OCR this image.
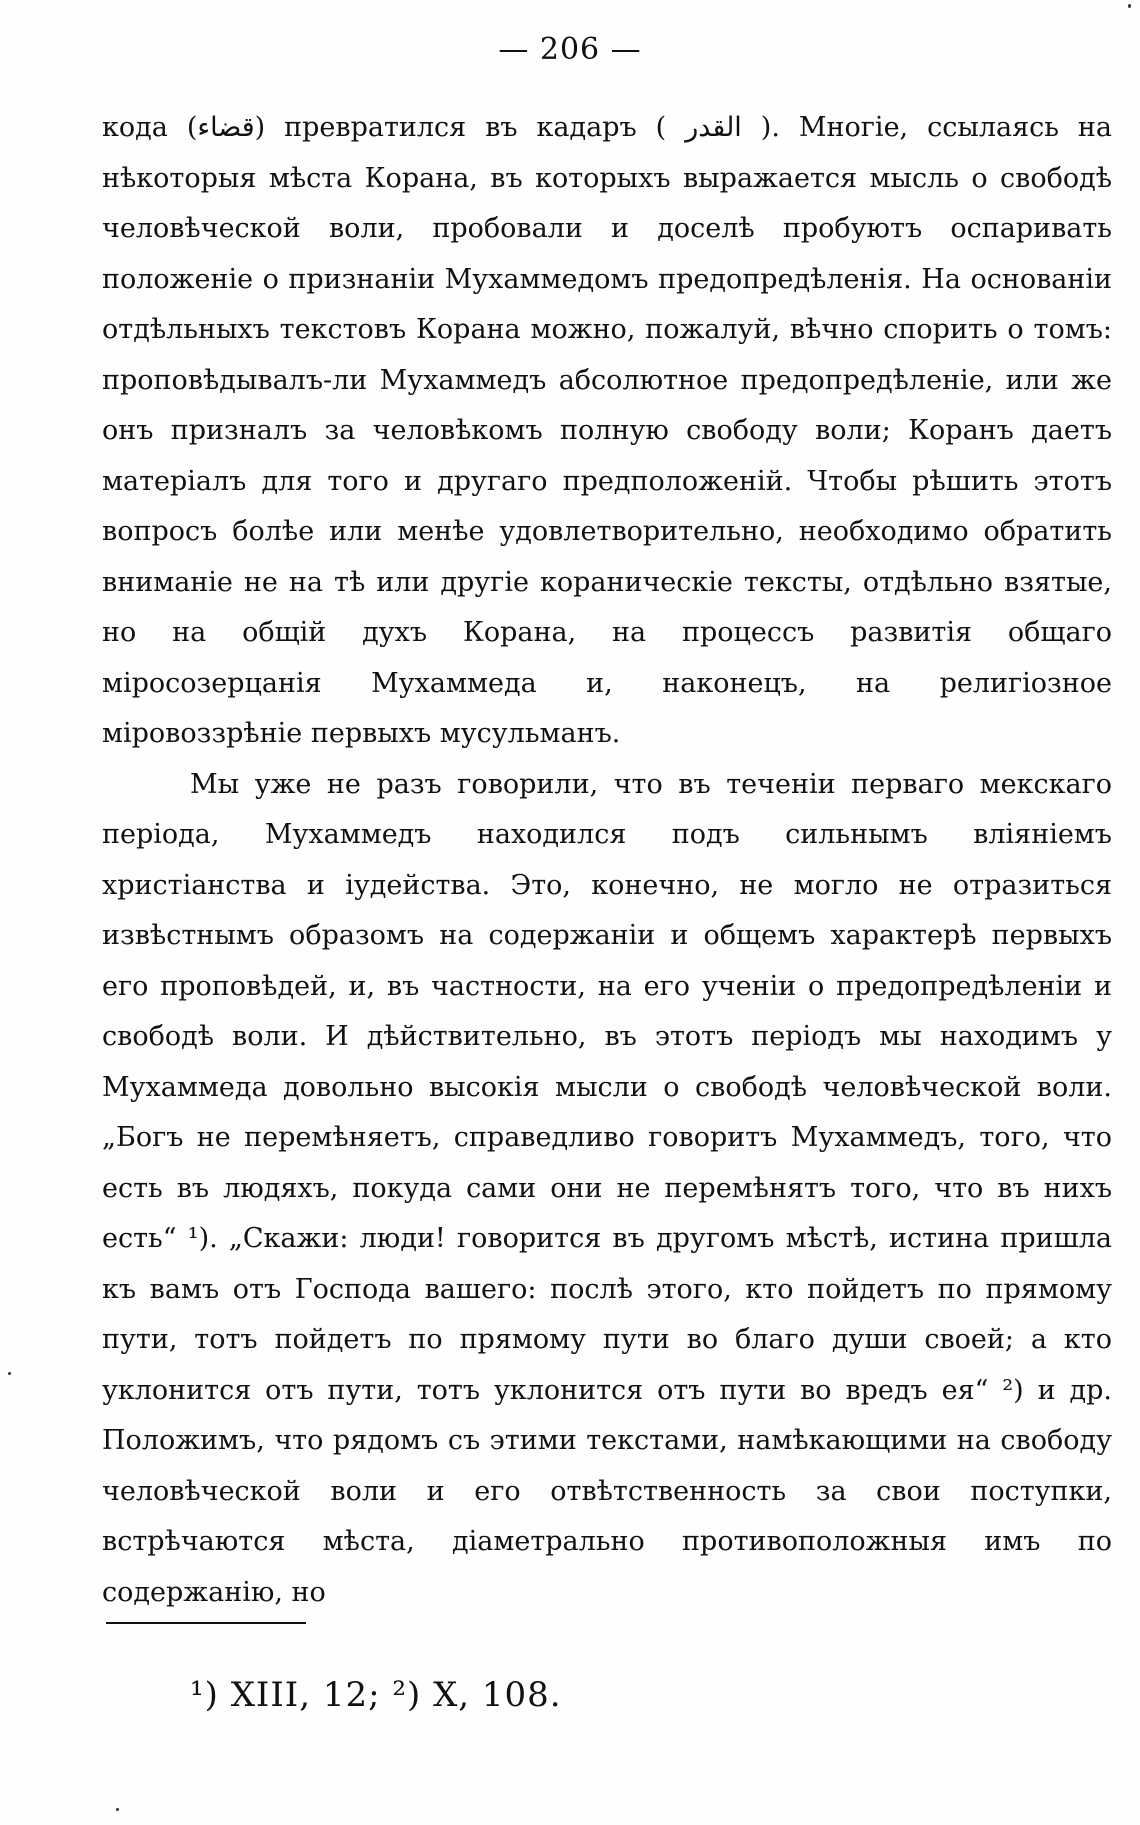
— 206 —

кода (قضاء) превратился въ кадаръ ( القدر ). Многіе, ссылаясь на нѣкоторыя мѣста Корана, въ которыхъ выражается мысль о свободѣ человѣческой воли, пробовали и доселѣ пробуютъ оспаривать положеніе о признаніи Мухаммедомъ предопредѣленія. На основаніи отдѣльныхъ текстовъ Корана можно, пожалуй, вѣчно спорить о томъ: проповѣдывалъ-ли Мухаммедъ абсолютное предопредѣленіе, или же онъ призналъ за человѣкомъ полную свободу воли; Коранъ даетъ матеріалъ для того и другаго предположеній. Чтобы рѣшить этотъ вопросъ болѣе или менѣе удовлетворительно, необходимо обратить вниманіе не на тѣ или другіе кораническіе тексты, отдѣльно взятые, но на общій духъ Корана, на процессъ развитія общаго міросозерцанія Мухаммеда и, наконецъ, на религіозное міровоззрѣніе первыхъ мусульманъ.

Мы уже не разъ говорили, что въ теченіи перваго мекскаго періода, Мухаммедъ находился подъ сильнымъ вліяніемъ христіанства и іудейства. Это, конечно, не могло не отразиться извѣстнымъ образомъ на содержаніи и общемъ характерѣ первыхъ его проповѣдей, и, въ частности, на его ученіи о предопредѣленіи и свободѣ воли. И дѣйствительно, въ этотъ періодъ мы находимъ у Мухаммеда довольно высокія мысли о свободѣ человѣческой воли. „Богъ не перемѣняетъ, справедливо говоритъ Мухаммедъ, того, что есть въ людяхъ, покуда сами они не перемѣнятъ того, что въ нихъ есть“ ¹). „Скажи: люди! говорится въ другомъ мѣстѣ, истина пришла къ вамъ отъ Господа вашего: послѣ этого, кто пойдетъ по прямому пути, тотъ пойдетъ по прямому пути во благо души своей; а кто уклонится отъ пути, тотъ уклонится отъ пути во вредъ ея“ ²) и др. Положимъ, что рядомъ съ этими текстами, намѣкающими на свободу человѣческой воли и его отвѣтственность за свои поступки, встрѣчаются мѣста, діаметрально противоположныя имъ по содержанію, но

¹) XIII, 12; ²) X, 108.
